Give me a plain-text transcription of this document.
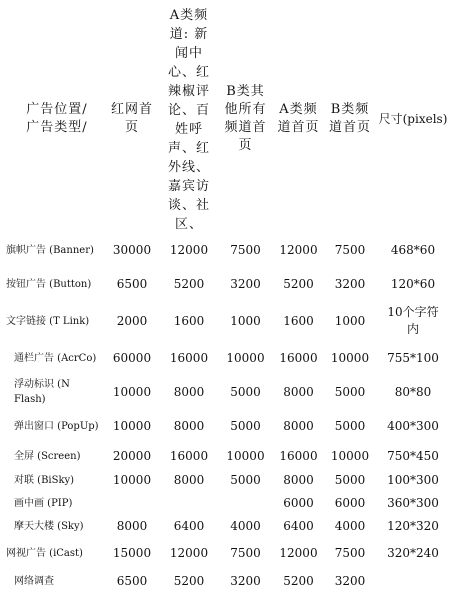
广告位置/ 广告类型/	红网首页	A类频道: 新闻中心、红辣椒评论、百姓呼声、红外线、嘉宾访谈、社区、	B类其他所有频道首页	A类频道首页	B类频道首页	尺寸(pixels)
旗帜广告 (Banner)	30000	12000	7500	12000	7500	468*60
按钮广告 (Button)	6500	5200	3200	5200	3200	120*60
文字链接 (T Link)	2000	1600	1000	1600	1000	10个字符内
通栏广告 (AcrCo)	60000	16000	10000	16000	10000	755*100
浮动标识 (N Flash)	10000	8000	5000	8000	5000	80*80
弹出窗口 (PopUp)	10000	8000	5000	8000	5000	400*300
全屏 (Screen)	20000	16000	10000	16000	10000	750*450
对联 (BiSky)	10000	8000	5000	8000	5000	100*300
画中画 (PIP)				6000	6000	360*300
摩天大楼 (Sky)	8000	6400	4000	6400	4000	120*320
网视广告 (iCast)	15000	12000	7500	12000	7500	320*240
网络调查	6500	5200	3200	5200	3200	
